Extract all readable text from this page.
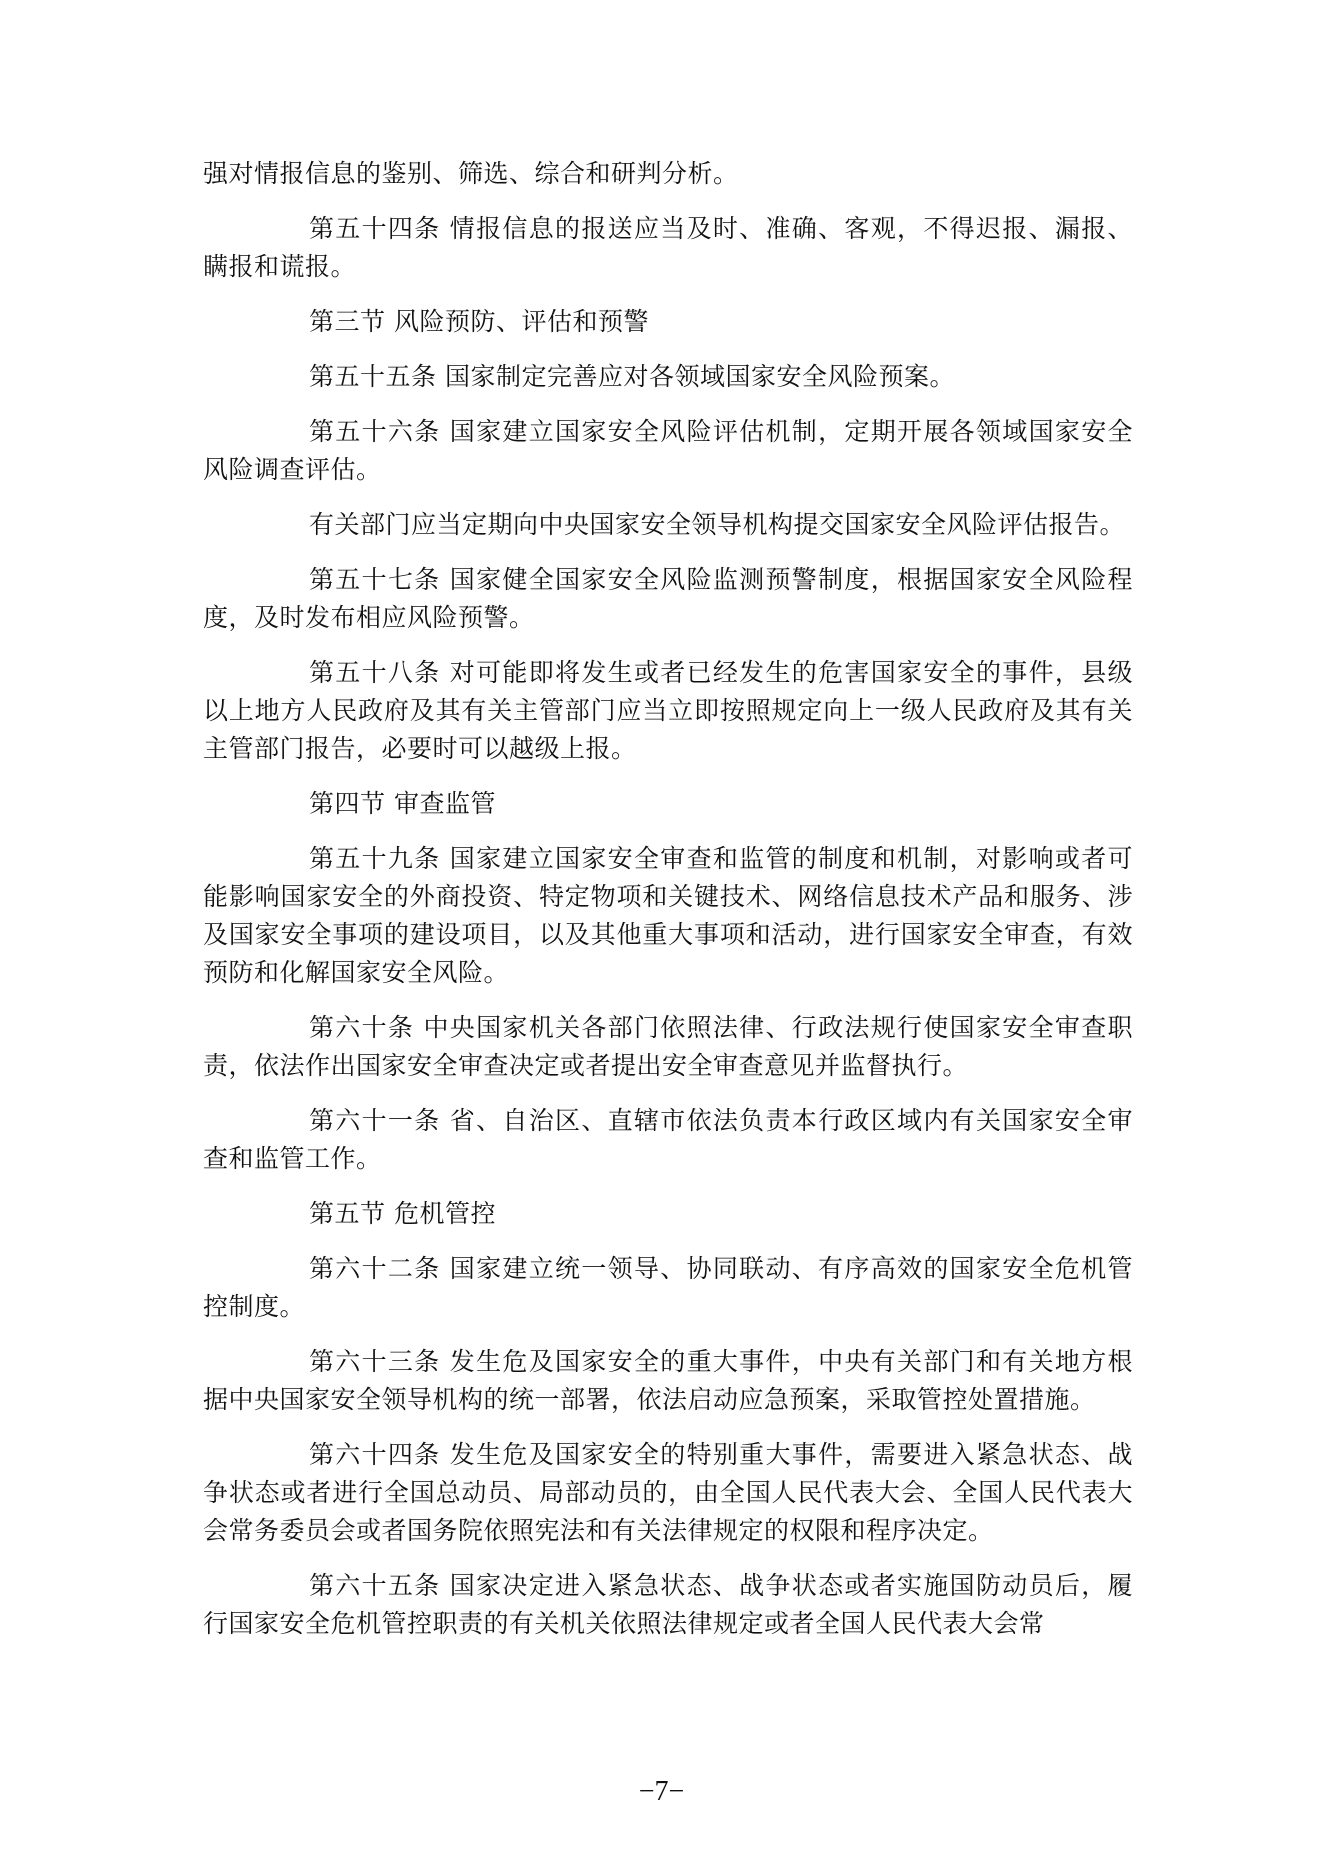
强对情报信息的鉴别、筛选、综合和研判分析。

第五十四条 情报信息的报送应当及时、准确、客观，不得迟报、漏报、瞒报和谎报。

第三节 风险预防、评估和预警

第五十五条 国家制定完善应对各领域国家安全风险预案。

第五十六条 国家建立国家安全风险评估机制，定期开展各领域国家安全风险调查评估。

有关部门应当定期向中央国家安全领导机构提交国家安全风险评估报告。

第五十七条 国家健全国家安全风险监测预警制度，根据国家安全风险程度，及时发布相应风险预警。

第五十八条 对可能即将发生或者已经发生的危害国家安全的事件，县级以上地方人民政府及其有关主管部门应当立即按照规定向上一级人民政府及其有关主管部门报告，必要时可以越级上报。

第四节 审查监管

第五十九条 国家建立国家安全审查和监管的制度和机制，对影响或者可能影响国家安全的外商投资、特定物项和关键技术、网络信息技术产品和服务、涉及国家安全事项的建设项目，以及其他重大事项和活动，进行国家安全审查，有效预防和化解国家安全风险。

第六十条 中央国家机关各部门依照法律、行政法规行使国家安全审查职责，依法作出国家安全审查决定或者提出安全审查意见并监督执行。

第六十一条 省、自治区、直辖市依法负责本行政区域内有关国家安全审查和监管工作。

第五节 危机管控

第六十二条 国家建立统一领导、协同联动、有序高效的国家安全危机管控制度。

第六十三条 发生危及国家安全的重大事件，中央有关部门和有关地方根据中央国家安全领导机构的统一部署，依法启动应急预案，采取管控处置措施。

第六十四条 发生危及国家安全的特别重大事件，需要进入紧急状态、战争状态或者进行全国总动员、局部动员的，由全国人民代表大会、全国人民代表大会常务委员会或者国务院依照宪法和有关法律规定的权限和程序决定。

第六十五条 国家决定进入紧急状态、战争状态或者实施国防动员后，履行国家安全危机管控职责的有关机关依照法律规定或者全国人民代表大会常

−7−
